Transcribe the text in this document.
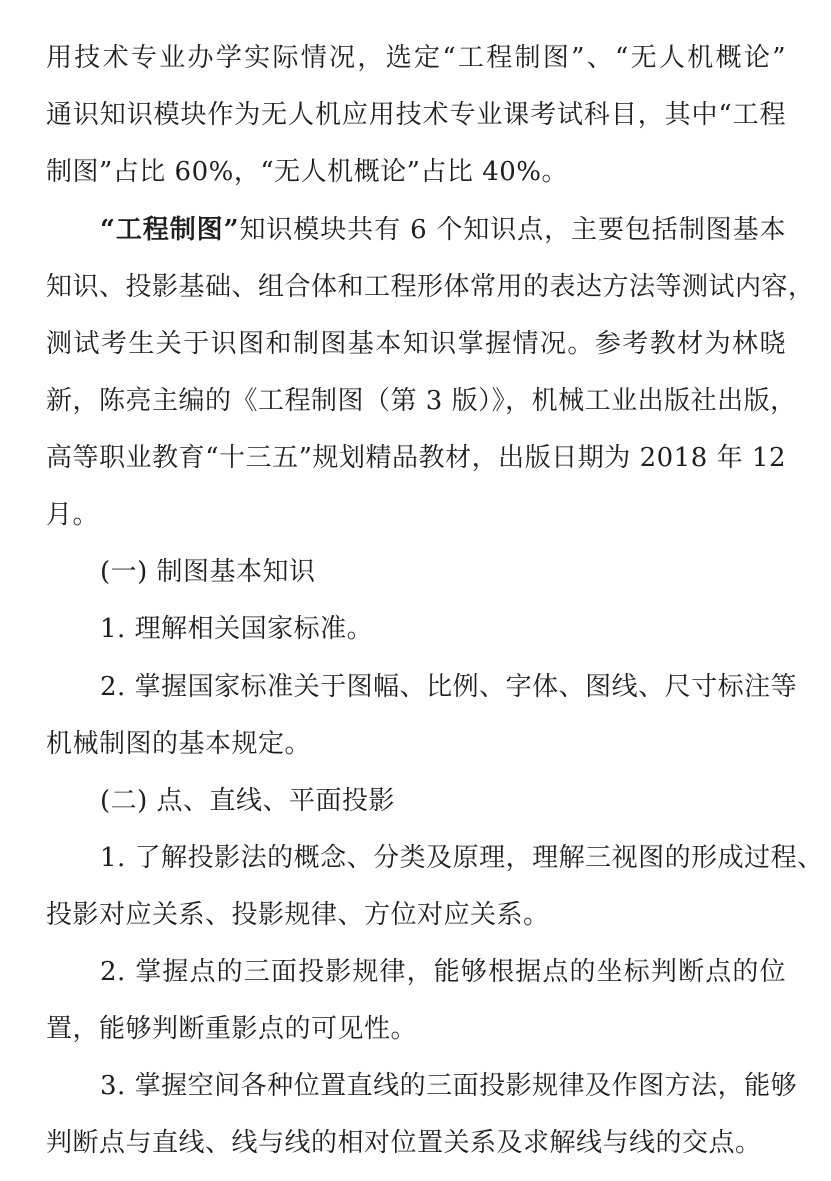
用技术专业办学实际情况，选定“工程制图”、“无人机概论”
通识知识模块作为无人机应用技术专业课考试科目，其中“工程
制图”占比 60%，“无人机概论”占比 40%。
“工程制图”知识模块共有 6 个知识点，主要包括制图基本
知识、投影基础、组合体和工程形体常用的表达方法等测试内容，
测试考生关于识图和制图基本知识掌握情况。参考教材为林晓
新，陈亮主编的《工程制图（第 3 版）》，机械工业出版社出版，
高等职业教育“十三五”规划精品教材，出版日期为 2018 年 12
月。
(一) 制图基本知识
1. 理解相关国家标准。
2. 掌握国家标准关于图幅、比例、字体、图线、尺寸标注等
机械制图的基本规定。
(二) 点、直线、平面投影
1. 了解投影法的概念、分类及原理，理解三视图的形成过程、
投影对应关系、投影规律、方位对应关系。
2. 掌握点的三面投影规律，能够根据点的坐标判断点的位
置，能够判断重影点的可见性。
3. 掌握空间各种位置直线的三面投影规律及作图方法，能够
判断点与直线、线与线的相对位置关系及求解线与线的交点。
